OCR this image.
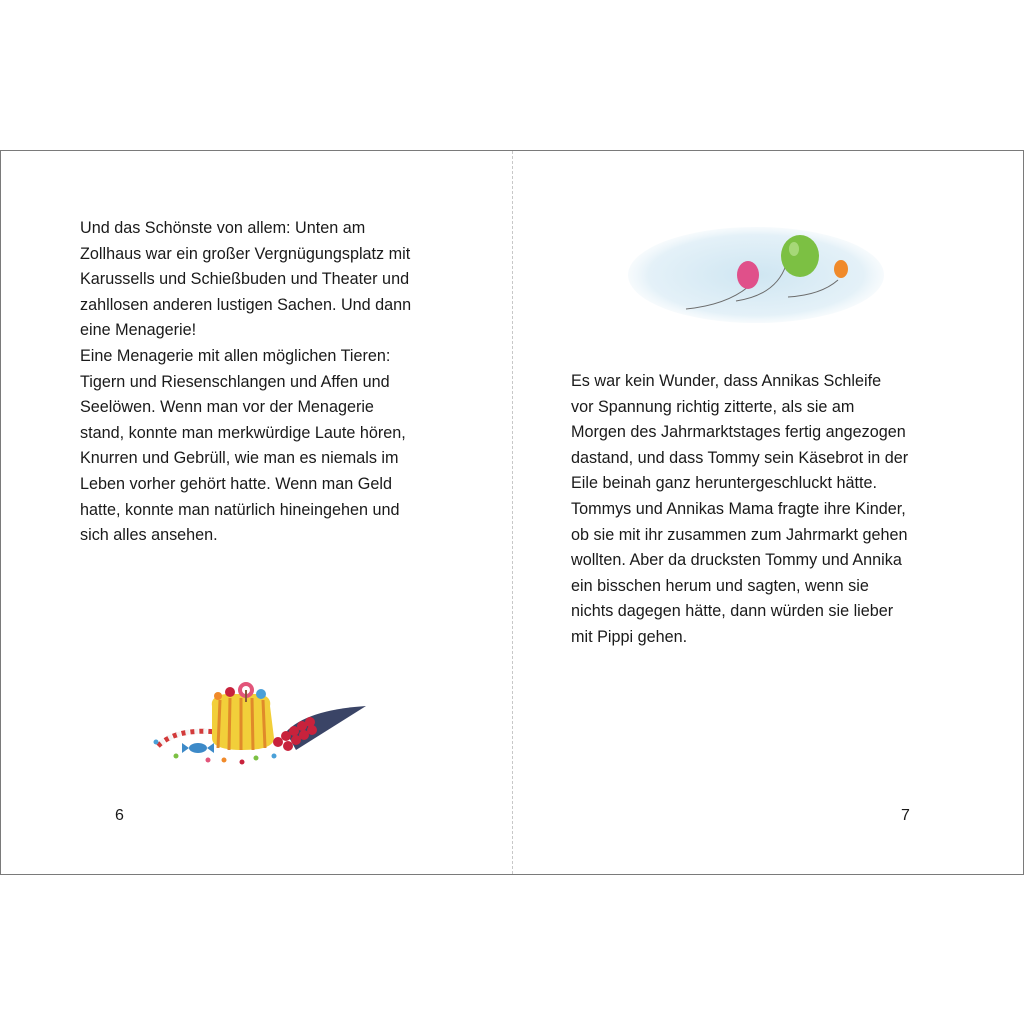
Und das Schönste von allem: Unten am
Zollhaus war ein großer Vergnügungsplatz mit
Karussells und Schießbuden und Theater und
zahllosen anderen lustigen Sachen. Und dann
eine Menagerie!
Eine Menagerie mit allen möglichen Tieren:
Tigern und Riesenschlangen und Affen und
Seelöwen. Wenn man vor der Menagerie
stand, konnte man merkwürdige Laute hören,
Knurren und Gebrüll, wie man es niemals im
Leben vorher gehört hatte. Wenn man Geld
hatte, konnte man natürlich hineingehen und
sich alles ansehen.
6
Es war kein Wunder, dass Annikas Schleife
vor Spannung richtig zitterte, als sie am
Morgen des Jahrmarktstages fertig angezogen
dastand, und dass Tommy sein Käsebrot in der
Eile beinah ganz heruntergeschluckt hätte.
Tommys und Annikas Mama fragte ihre Kinder,
ob sie mit ihr zusammen zum Jahrmarkt gehen
wollten. Aber da drucksten Tommy und Annika
ein bisschen herum und sagten, wenn sie
nichts dagegen hätte, dann würden sie lieber
mit Pippi gehen.
7
